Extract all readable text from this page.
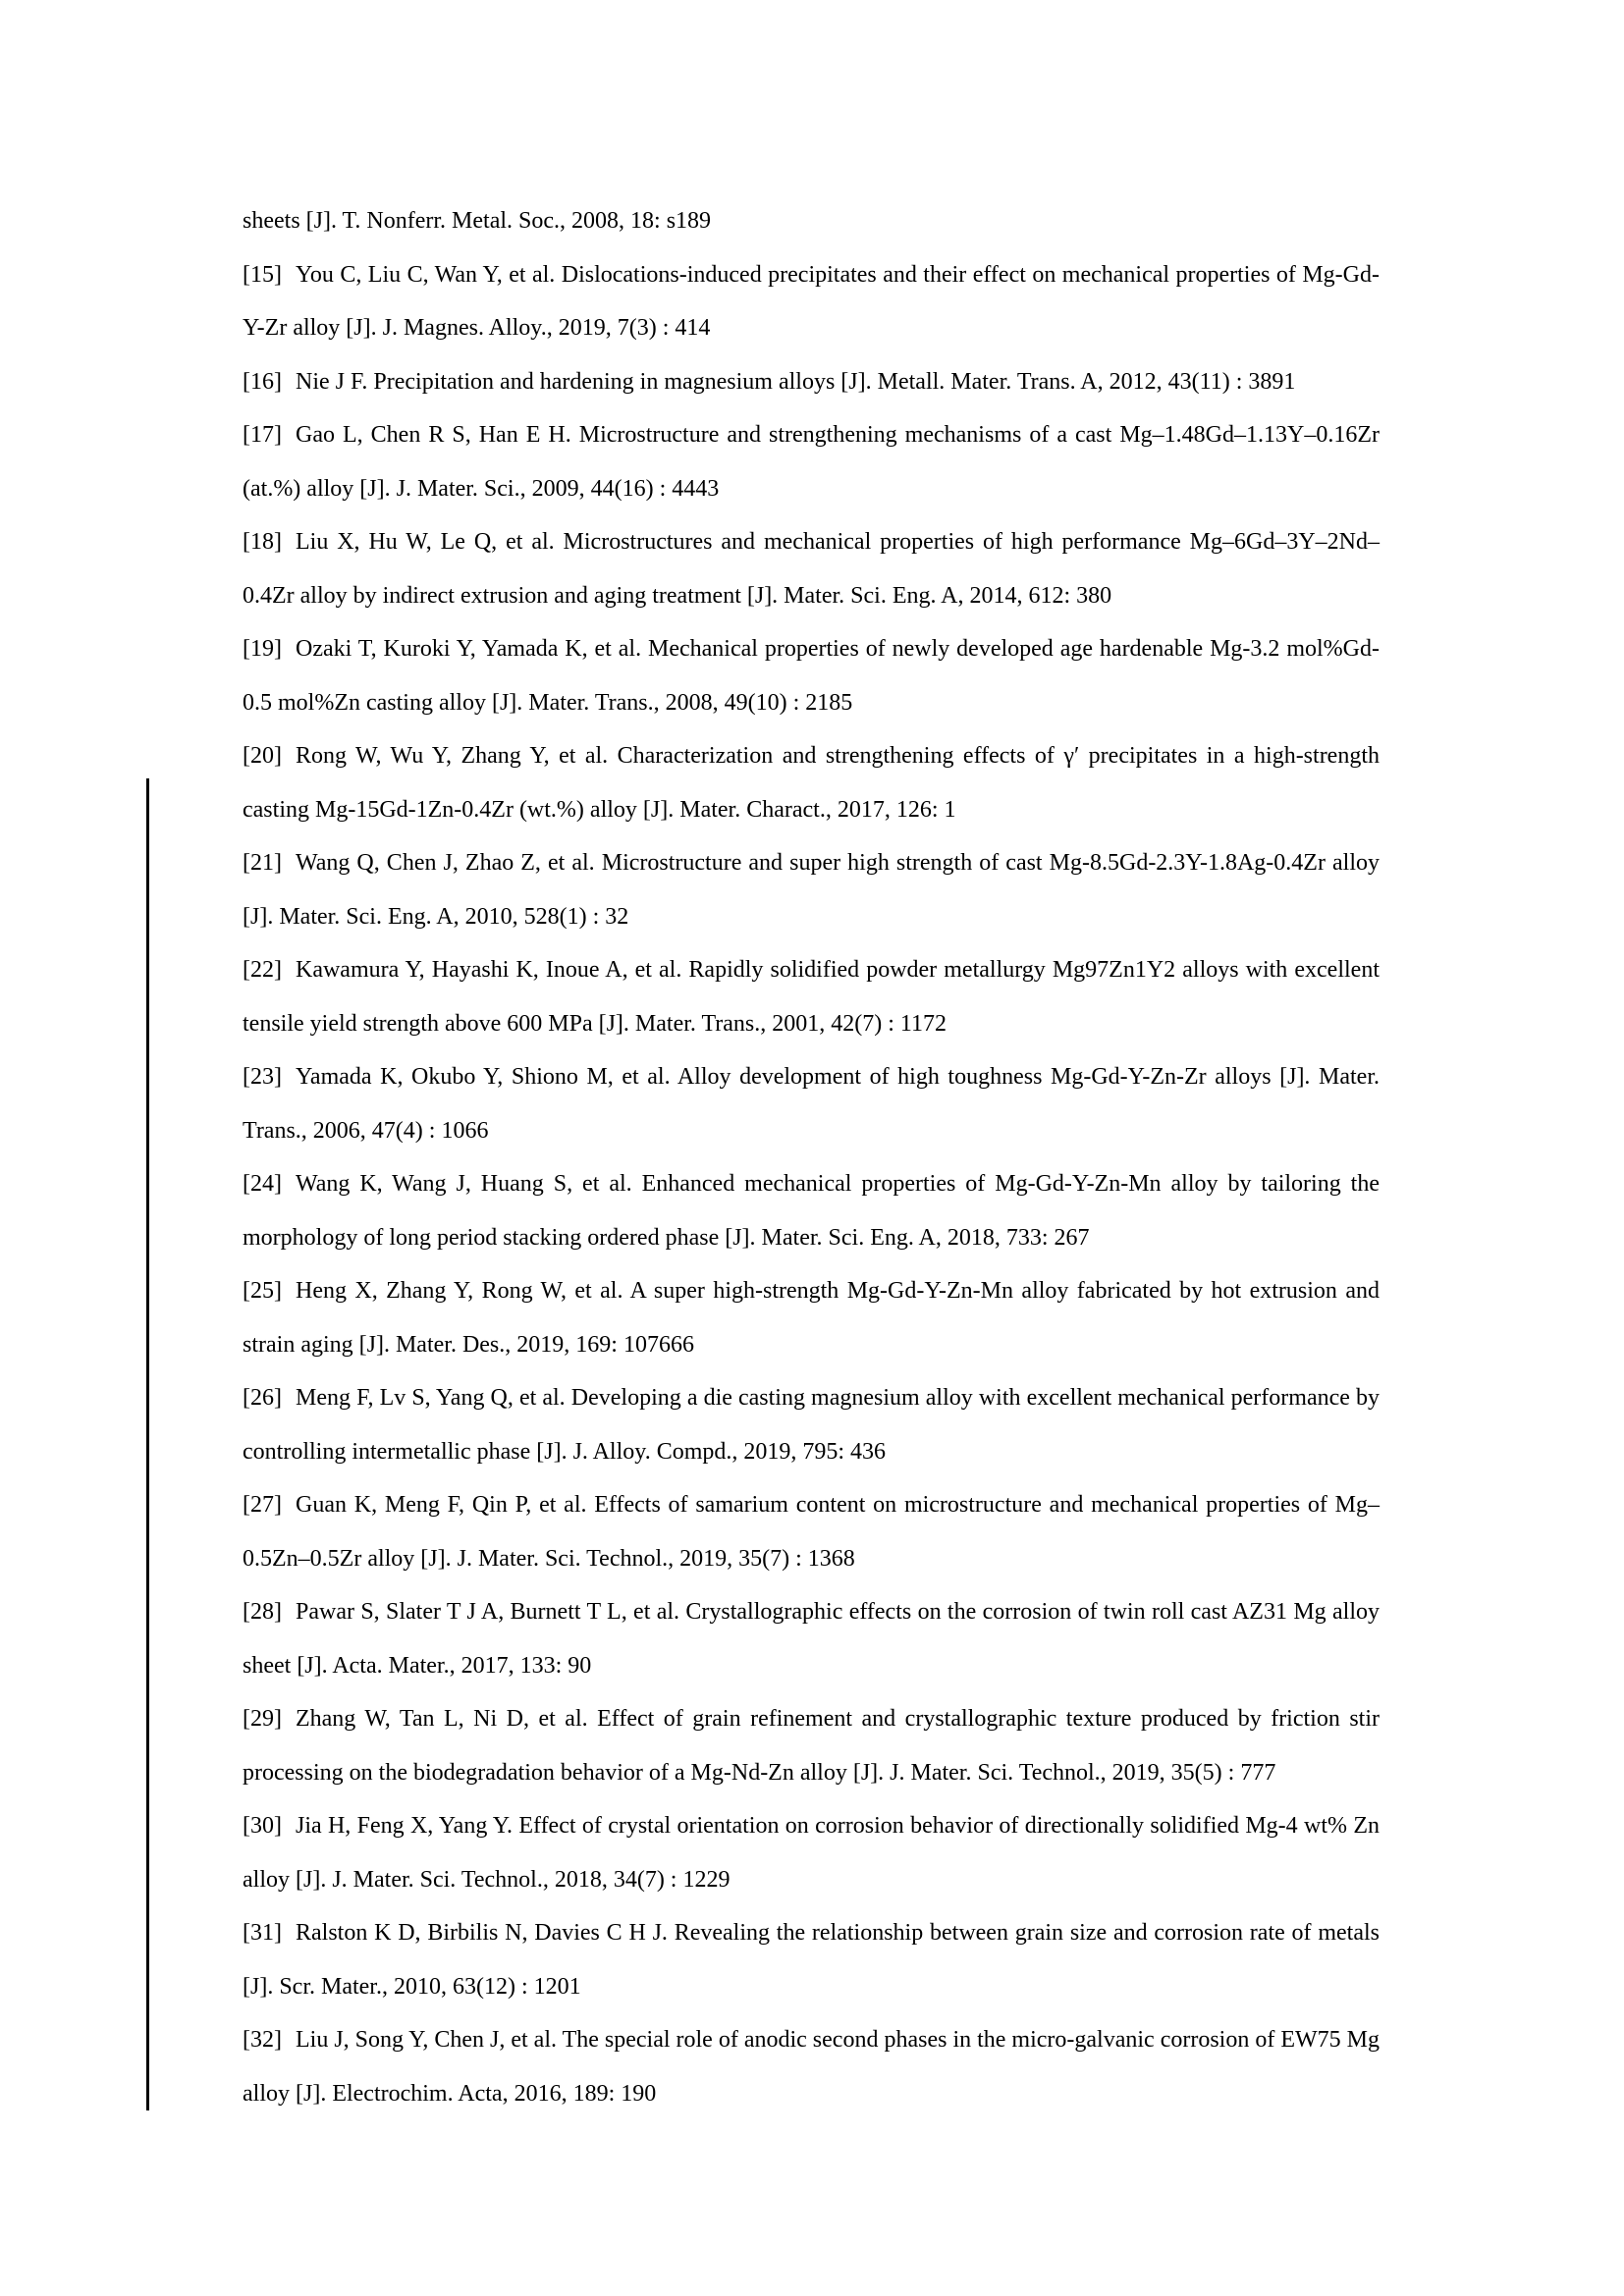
sheets [J]. T. Nonferr. Metal. Soc., 2008, 18: s189

[15] You C, Liu C, Wan Y, et al. Dislocations-induced precipitates and their effect on mechanical properties of Mg-Gd-Y-Zr alloy [J]. J. Magnes. Alloy., 2019, 7(3) : 414

[16] Nie J F. Precipitation and hardening in magnesium alloys [J]. Metall. Mater. Trans. A, 2012, 43(11) : 3891

[17] Gao L, Chen R S, Han E H. Microstructure and strengthening mechanisms of a cast Mg–1.48Gd–1.13Y–0.16Zr (at.%) alloy [J]. J. Mater. Sci., 2009, 44(16) : 4443

[18] Liu X, Hu W, Le Q, et al. Microstructures and mechanical properties of high performance Mg–6Gd–3Y–2Nd–0.4Zr alloy by indirect extrusion and aging treatment [J]. Mater. Sci. Eng. A, 2014, 612: 380

[19] Ozaki T, Kuroki Y, Yamada K, et al. Mechanical properties of newly developed age hardenable Mg-3.2 mol%Gd-0.5 mol%Zn casting alloy [J]. Mater. Trans., 2008, 49(10) : 2185

[20] Rong W, Wu Y, Zhang Y, et al. Characterization and strengthening effects of γ′ precipitates in a high-strength casting Mg-15Gd-1Zn-0.4Zr (wt.%) alloy [J]. Mater. Charact., 2017, 126: 1

[21] Wang Q, Chen J, Zhao Z, et al. Microstructure and super high strength of cast Mg-8.5Gd-2.3Y-1.8Ag-0.4Zr alloy [J]. Mater. Sci. Eng. A, 2010, 528(1) : 32

[22] Kawamura Y, Hayashi K, Inoue A, et al. Rapidly solidified powder metallurgy Mg97Zn1Y2 alloys with excellent tensile yield strength above 600 MPa [J]. Mater. Trans., 2001, 42(7) : 1172

[23] Yamada K, Okubo Y, Shiono M, et al. Alloy development of high toughness Mg-Gd-Y-Zn-Zr alloys [J]. Mater. Trans., 2006, 47(4) : 1066

[24] Wang K, Wang J, Huang S, et al. Enhanced mechanical properties of Mg-Gd-Y-Zn-Mn alloy by tailoring the morphology of long period stacking ordered phase [J]. Mater. Sci. Eng. A, 2018, 733: 267

[25] Heng X, Zhang Y, Rong W, et al. A super high-strength Mg-Gd-Y-Zn-Mn alloy fabricated by hot extrusion and strain aging [J]. Mater. Des., 2019, 169: 107666

[26] Meng F, Lv S, Yang Q, et al. Developing a die casting magnesium alloy with excellent mechanical performance by controlling intermetallic phase [J]. J. Alloy. Compd., 2019, 795: 436

[27] Guan K, Meng F, Qin P, et al. Effects of samarium content on microstructure and mechanical properties of Mg–0.5Zn–0.5Zr alloy [J]. J. Mater. Sci. Technol., 2019, 35(7) : 1368

[28] Pawar S, Slater T J A, Burnett T L, et al. Crystallographic effects on the corrosion of twin roll cast AZ31 Mg alloy sheet [J]. Acta. Mater., 2017, 133: 90

[29] Zhang W, Tan L, Ni D, et al. Effect of grain refinement and crystallographic texture produced by friction stir processing on the biodegradation behavior of a Mg-Nd-Zn alloy [J]. J. Mater. Sci. Technol., 2019, 35(5) : 777

[30] Jia H, Feng X, Yang Y. Effect of crystal orientation on corrosion behavior of directionally solidified Mg-4 wt% Zn alloy [J]. J. Mater. Sci. Technol., 2018, 34(7) : 1229

[31] Ralston K D, Birbilis N, Davies C H J. Revealing the relationship between grain size and corrosion rate of metals [J]. Scr. Mater., 2010, 63(12) : 1201

[32] Liu J, Song Y, Chen J, et al. The special role of anodic second phases in the micro-galvanic corrosion of EW75 Mg alloy [J]. Electrochim. Acta, 2016, 189: 190
